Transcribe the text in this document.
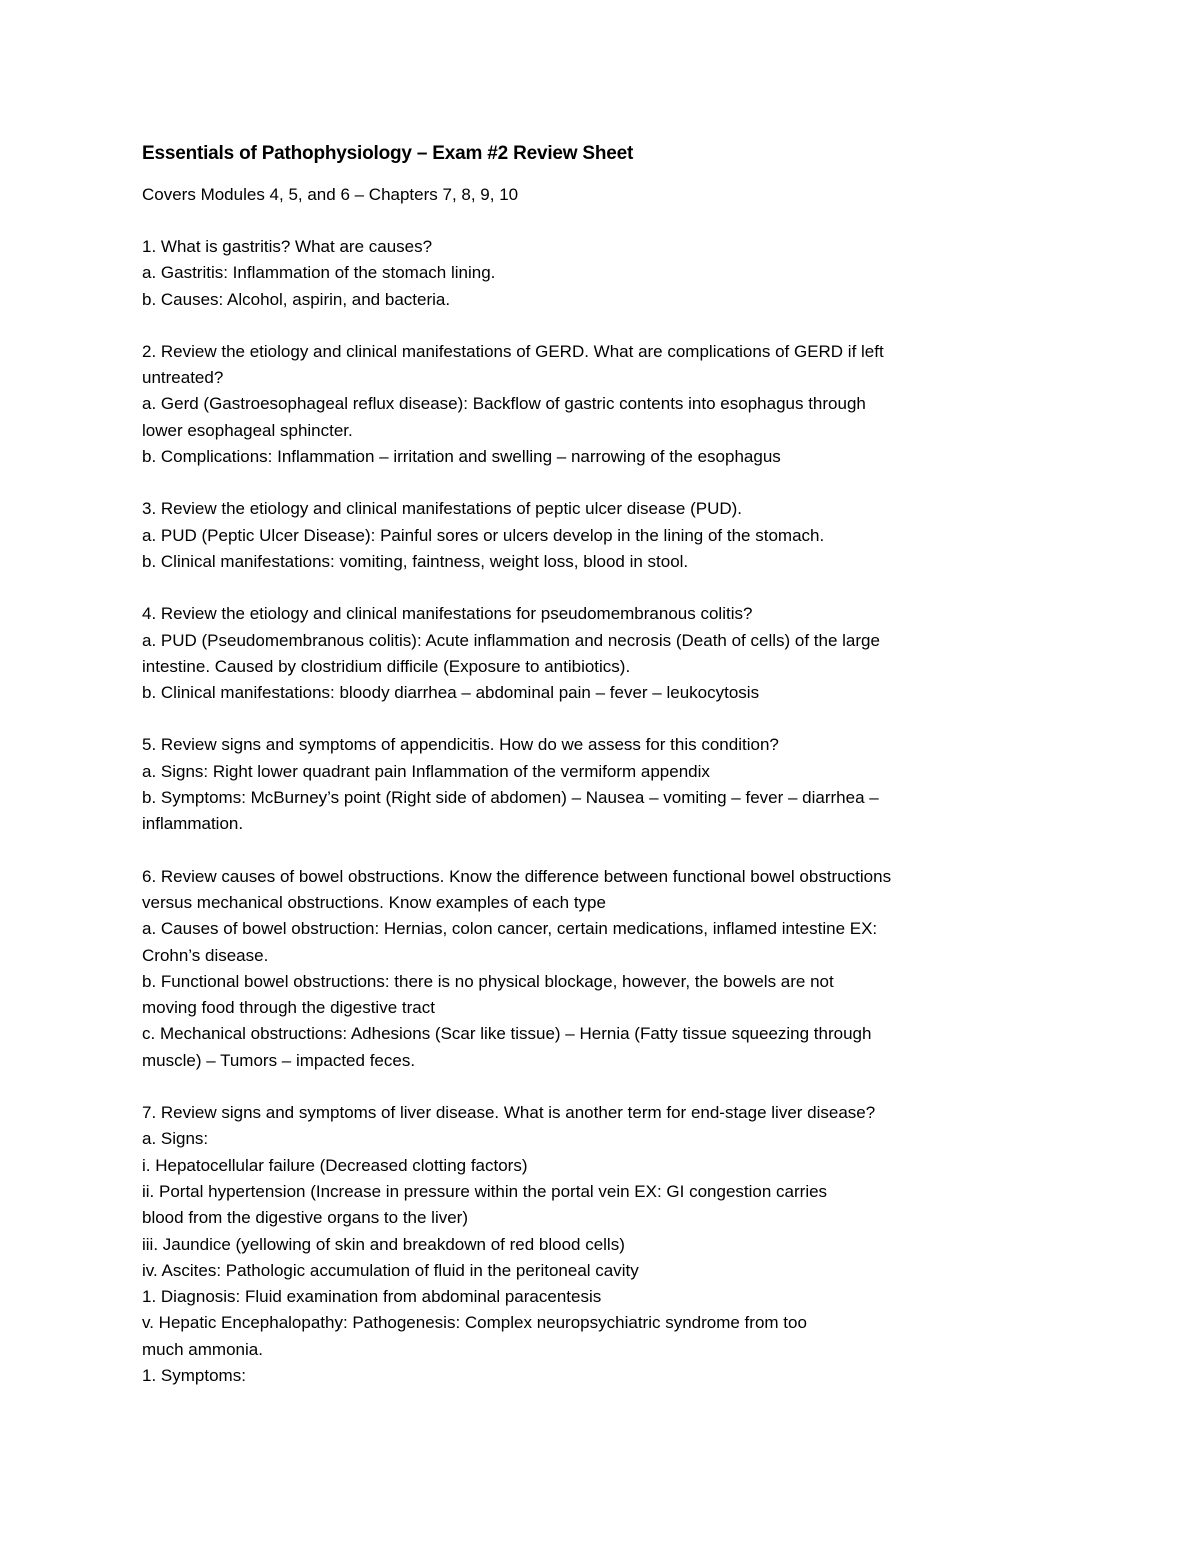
Essentials of Pathophysiology – Exam #2 Review Sheet

Covers Modules 4, 5, and 6 – Chapters 7, 8, 9, 10

1. What is gastritis? What are causes?
a. Gastritis: Inflammation of the stomach lining.
b. Causes: Alcohol, aspirin, and bacteria.
2. Review the etiology and clinical manifestations of GERD. What are complications of GERD if left
untreated?
a. Gerd (Gastroesophageal reflux disease): Backflow of gastric contents into esophagus through
lower esophageal sphincter.
b. Complications: Inflammation – irritation and swelling – narrowing of the esophagus
3. Review the etiology and clinical manifestations of peptic ulcer disease (PUD).
a. PUD (Peptic Ulcer Disease): Painful sores or ulcers develop in the lining of the stomach.
b. Clinical manifestations: vomiting, faintness, weight loss, blood in stool.
4. Review the etiology and clinical manifestations for pseudomembranous colitis?
a. PUD (Pseudomembranous colitis): Acute inflammation and necrosis (Death of cells) of the large
intestine. Caused by clostridium difficile (Exposure to antibiotics).
b. Clinical manifestations: bloody diarrhea – abdominal pain – fever – leukocytosis
5. Review signs and symptoms of appendicitis. How do we assess for this condition?
a. Signs: Right lower quadrant pain Inflammation of the vermiform appendix
b. Symptoms: McBurney’s point (Right side of abdomen) – Nausea – vomiting – fever – diarrhea –
inflammation.
6. Review causes of bowel obstructions. Know the difference between functional bowel obstructions
versus mechanical obstructions. Know examples of each type
a. Causes of bowel obstruction: Hernias, colon cancer, certain medications, inflamed intestine EX:
Crohn’s disease.
b. Functional bowel obstructions: there is no physical blockage, however, the bowels are not
moving food through the digestive tract
c. Mechanical obstructions: Adhesions (Scar like tissue) – Hernia (Fatty tissue squeezing through
muscle) – Tumors – impacted feces.
7. Review signs and symptoms of liver disease. What is another term for end-stage liver disease?
a. Signs:
i. Hepatocellular failure (Decreased clotting factors)
ii. Portal hypertension (Increase in pressure within the portal vein EX: GI congestion carries
blood from the digestive organs to the liver)
iii. Jaundice (yellowing of skin and breakdown of red blood cells)
iv. Ascites: Pathologic accumulation of fluid in the peritoneal cavity
1. Diagnosis: Fluid examination from abdominal paracentesis
v. Hepatic Encephalopathy: Pathogenesis: Complex neuropsychiatric syndrome from too
much ammonia.
1. Symptoms:
